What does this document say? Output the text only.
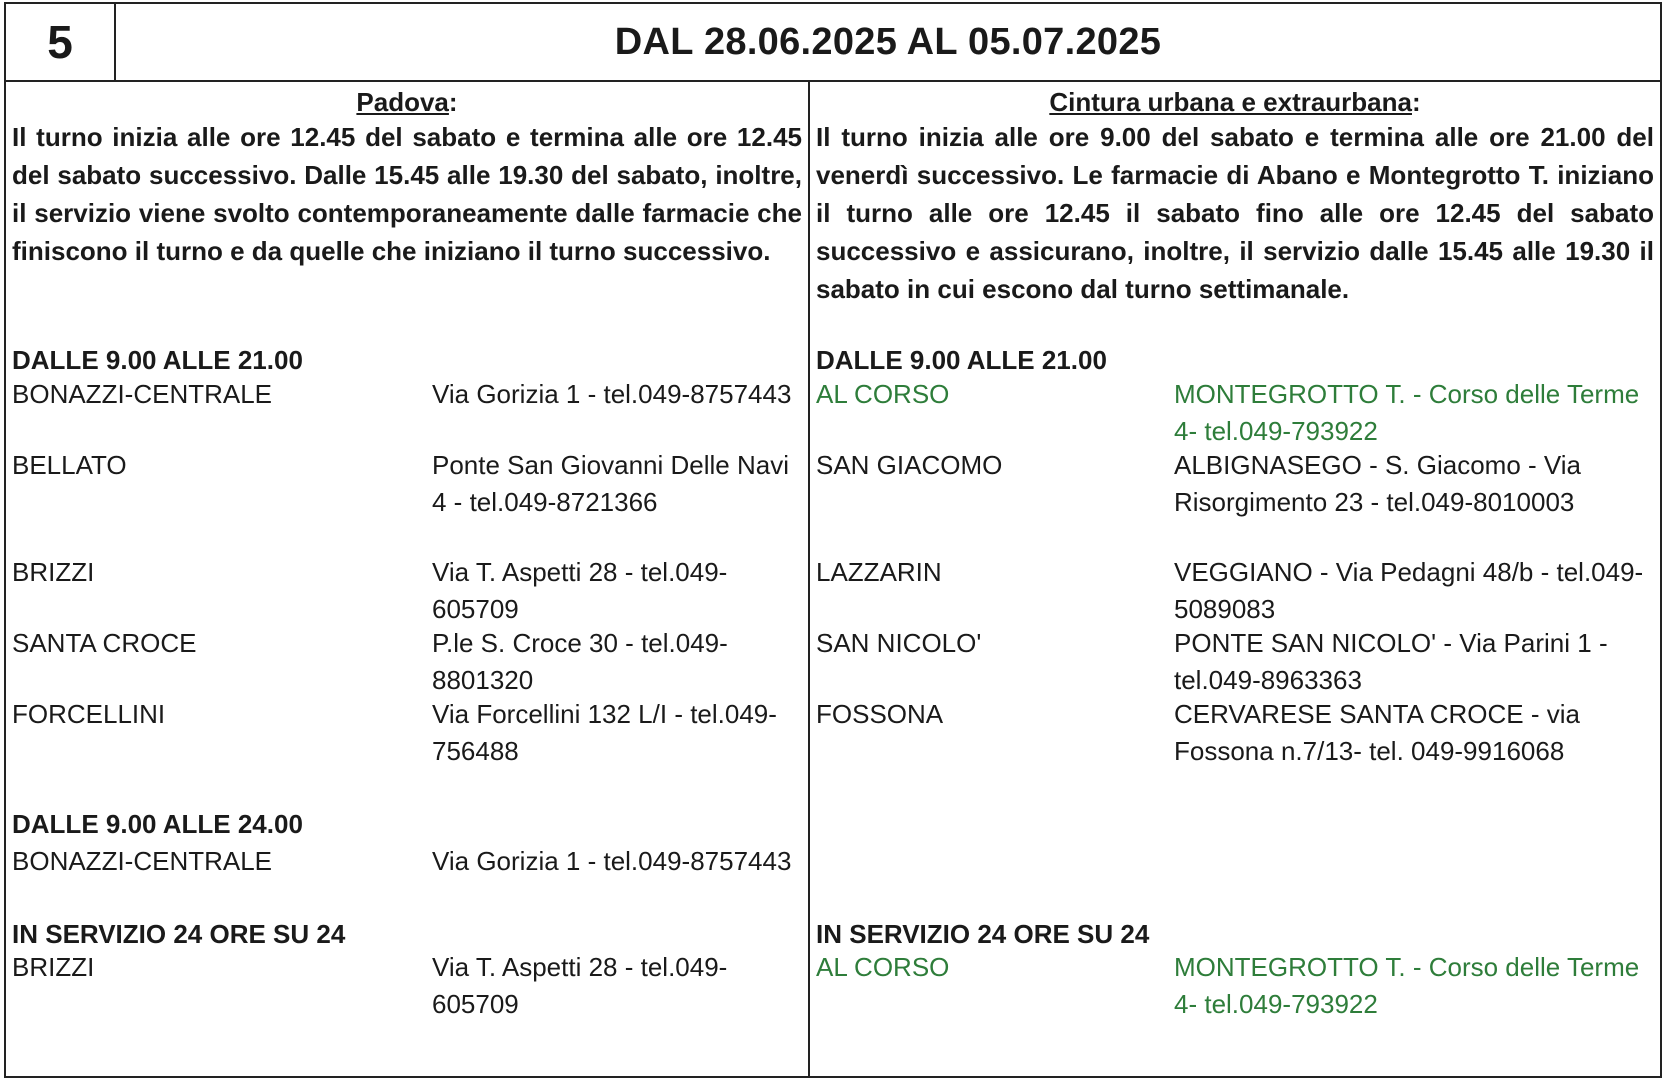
5	DAL 28.06.2025 AL 05.07.2025
Padova:

Il turno inizia alle ore 12.45 del sabato e termina alle ore 12.45 del sabato successivo. Dalle 15.45 alle 19.30 del sabato, inoltre, il servizio viene svolto contemporaneamente dalle farmacie che finiscono il turno e da quelle che iniziano il turno successivo.

DALLE 9.00 ALLE 21.00
BONAZZI-CENTRALE	Via Gorizia 1 - tel.049-8757443
BELLATO	Ponte San Giovanni Delle Navi 4 - tel.049-8721366
BRIZZI	Via T. Aspetti 28 - tel.049-605709
SANTA CROCE	P.le S. Croce 30 - tel.049-8801320
FORCELLINI	Via Forcellini 132 L/I - tel.049-756488
DALLE 9.00 ALLE 24.00
BONAZZI-CENTRALE	Via Gorizia 1 - tel.049-8757443
IN SERVIZIO 24 ORE SU 24
BRIZZI	Via T. Aspetti 28 - tel.049-605709
Cintura urbana e extraurbana:

Il turno inizia alle ore 9.00 del sabato e termina alle ore 21.00 del venerdì successivo. Le farmacie di Abano e Montegrotto T. iniziano il turno alle ore 12.45 il sabato fino alle ore 12.45 del sabato successivo e assicurano, inoltre, il servizio dalle 15.45 alle 19.30 il sabato in cui escono dal turno settimanale.

DALLE 9.00 ALLE 21.00
AL CORSO	MONTEGROTTO T. - Corso delle Terme 4- tel.049-793922
SAN GIACOMO	ALBIGNASEGO - S. Giacomo - Via Risorgimento 23 - tel.049-8010003
LAZZARIN	VEGGIANO - Via Pedagni 48/b - tel.049-5089083
SAN NICOLO'	PONTE SAN NICOLO' - Via Parini 1 - tel.049-8963363
FOSSONA	CERVARESE SANTA CROCE - via Fossona n.7/13- tel. 049-9916068
IN SERVIZIO 24 ORE SU 24
AL CORSO	MONTEGROTTO T. - Corso delle Terme 4- tel.049-793922
